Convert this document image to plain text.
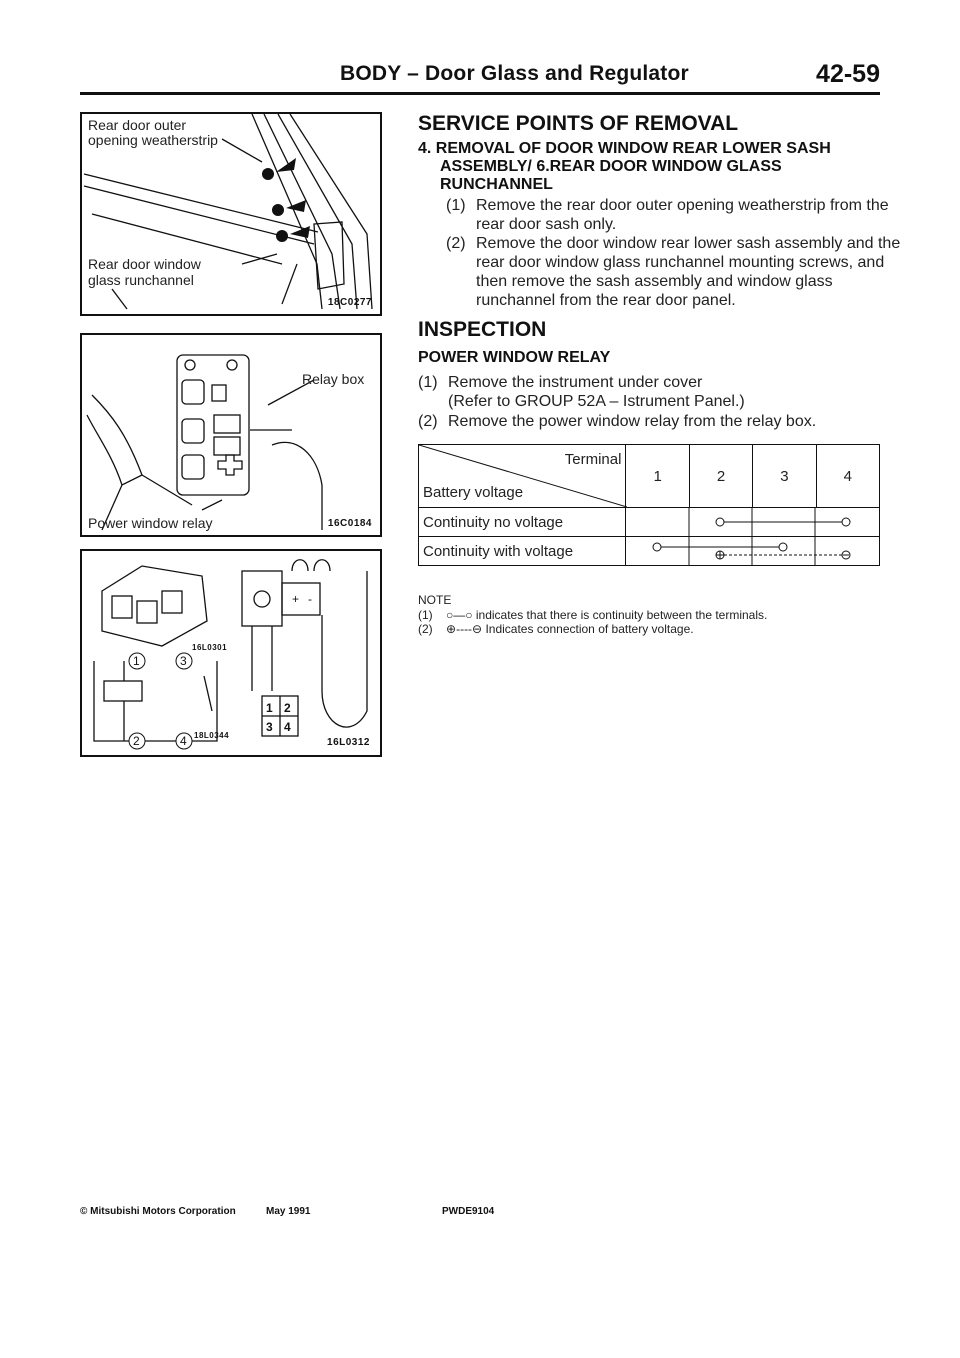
BODY – Door Glass and Regulator	42-59
Rear door outer
opening weatherstrip
Rear door window
glass runchannel
18C0277
Relay box
Power window relay	16C0184
1	3
2	4
1 2
3 4
+ -
16L0301
18L0344
16L0312
SERVICE POINTS OF REMOVAL
4. REMOVAL OF DOOR WINDOW REAR LOWER SASH
ASSEMBLY/ 6.REAR DOOR WINDOW GLASS
RUNCHANNEL
(1) Remove the rear door outer opening weatherstrip from the rear door sash only.
(2) Remove the door window rear lower sash assembly and the rear door window glass runchannel mounting screws, and then remove the sash assembly and window glass runchannel from the rear door panel.
INSPECTION
POWER WINDOW RELAY
(1) Remove the instrument under cover
(Refer to GROUP 52A – Istrument Panel.)
(2) Remove the power window relay from the relay box.
Terminal
Battery voltage	1	2	3	4
Continuity no voltage	

Continuity with voltage	
NOTE
(1) ○—○ indicates that there is continuity between the terminals.
(2) ⊕----⊖ Indicates connection of battery voltage.
© Mitsubishi Motors Corporation	May 1991	PWDE9104
